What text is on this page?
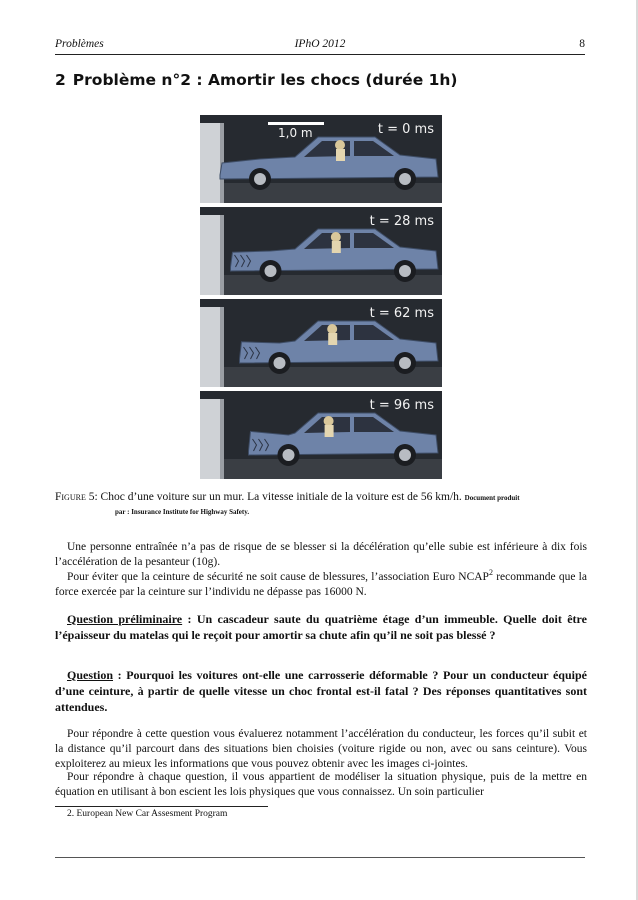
Problèmes	IPhO 2012	8
2 Problème n°2 : Amortir les chocs (durée 1h)
1,0 m	t = 0 ms
t = 28 ms
t = 62 ms
t = 96 ms
Figure 5: Choc d’une voiture sur un mur. La vitesse initiale de la voiture est de 56 km/h. Document produit
par : Insurance Institute for Highway Safety.

Une personne entraînée n’a pas de risque de se blesser si la décélération qu’elle subie est inférieure à dix fois l’accélération de la pesanteur (10g).

Pour éviter que la ceinture de sécurité ne soit cause de blessures, l’association Euro NCAP$^2$ recommande que la force exercée par la ceinture sur l’individu ne dépasse pas 16000 N.

Question préliminaire : Un cascadeur saute du quatrième étage d’un immeuble. Quelle doit être l’épaisseur du matelas qui le reçoit pour amortir sa chute afin qu’il ne soit pas blessé ?

Question : Pourquoi les voitures ont-elle une carrosserie déformable ? Pour un conducteur équipé d’une ceinture, à partir de quelle vitesse un choc frontal est-il fatal ? Des réponses quantitatives sont attendues.

Pour répondre à cette question vous évaluerez notamment l’accélération du conducteur, les forces qu’il subit et la distance qu’il parcourt dans des situations bien choisies (voiture rigide ou non, avec ou sans ceinture). Vous exploiterez au mieux les informations que vous pouvez obtenir avec les images ci-jointes.

Pour répondre à chaque question, il vous appartient de modéliser la situation physique, puis de la mettre en équation en utilisant à bon escient les lois physiques que vous connaissez. Un soin particulier

2. European New Car Assesment Program
